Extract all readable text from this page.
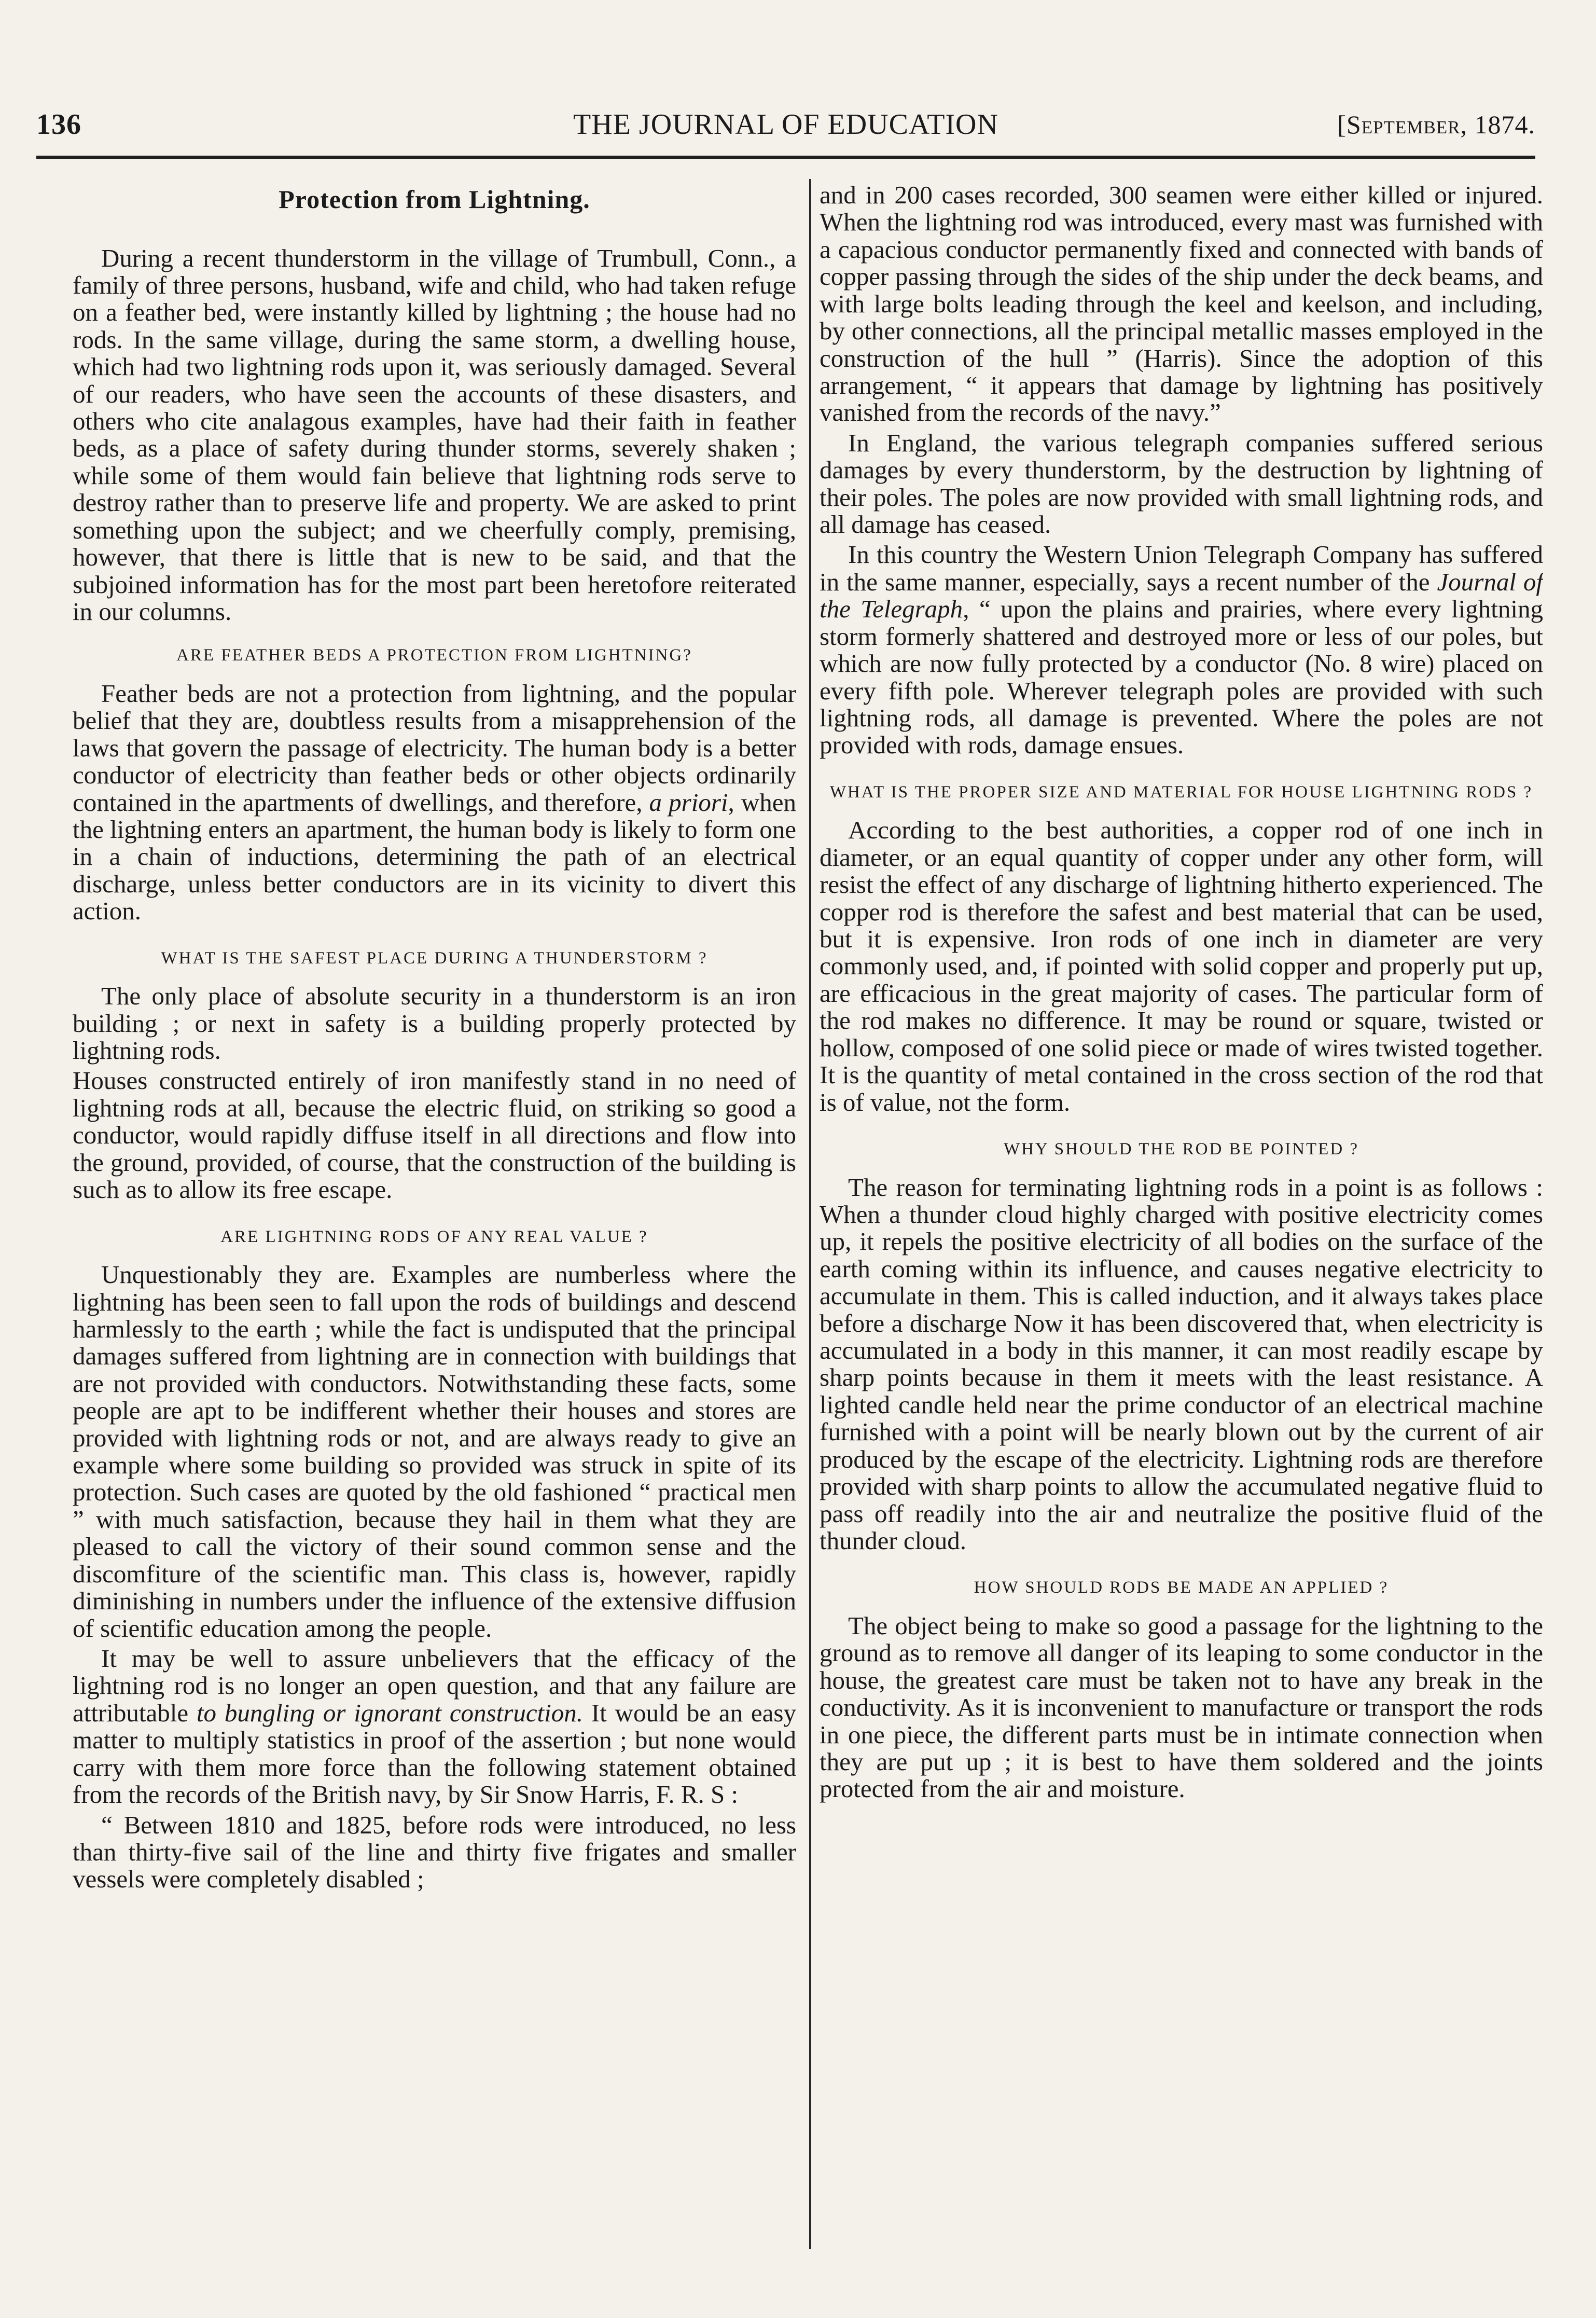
136	THE JOURNAL OF EDUCATION	[September, 1874.
Protection from Lightning.

During a recent thunderstorm in the village of Trumbull, Conn., a family of three persons, husband, wife and child, who had taken refuge on a feather bed, were instantly killed by lightning ; the house had no rods. In the same village, during the same storm, a dwelling house, which had two lightning rods upon it, was seriously damaged. Several of our readers, who have seen the accounts of these disasters, and others who cite analagous examples, have had their faith in feather beds, as a place of safety during thunder storms, severely shaken ; while some of them would fain believe that lightning rods serve to destroy rather than to preserve life and property. We are asked to print something upon the subject; and we cheerfully comply, premising, however, that there is little that is new to be said, and that the subjoined information has for the most part been heretofore reiterated in our columns.

ARE FEATHER BEDS A PROTECTION FROM LIGHTNING?

Feather beds are not a protection from lightning, and the popular belief that they are, doubtless results from a misapprehension of the laws that govern the passage of electricity. The human body is a better conductor of electricity than feather beds or other objects ordinarily contained in the apartments of dwellings, and therefore, a priori, when the lightning enters an apartment, the human body is likely to form one in a chain of inductions, determining the path of an electrical discharge, unless better conductors are in its vicinity to divert this action.

WHAT IS THE SAFEST PLACE DURING A THUNDERSTORM ?

The only place of absolute security in a thunderstorm is an iron building ; or next in safety is a building properly protected by lightning rods.

Houses constructed entirely of iron manifestly stand in no need of lightning rods at all, because the electric fluid, on striking so good a conductor, would rapidly diffuse itself in all directions and flow into the ground, provided, of course, that the construction of the building is such as to allow its free escape.

ARE LIGHTNING RODS OF ANY REAL VALUE ?

Unquestionably they are. Examples are numberless where the lightning has been seen to fall upon the rods of buildings and descend harmlessly to the earth ; while the fact is undisputed that the principal damages suffered from lightning are in connection with buildings that are not provided with conductors. Notwithstanding these facts, some people are apt to be indifferent whether their houses and stores are provided with lightning rods or not, and are always ready to give an example where some building so provided was struck in spite of its protection. Such cases are quoted by the old fashioned “ practical men ” with much satisfaction, because they hail in them what they are pleased to call the victory of their sound common sense and the discomfiture of the scientific man. This class is, however, rapidly diminishing in numbers under the influence of the extensive diffusion of scientific education among the people.

It may be well to assure unbelievers that the efficacy of the lightning rod is no longer an open question, and that any failure are attributable to bungling or ignorant construction. It would be an easy matter to multiply statistics in proof of the assertion ; but none would carry with them more force than the following statement obtained from the records of the British navy, by Sir Snow Harris, F. R. S :

“ Between 1810 and 1825, before rods were introduced, no less than thirty-five sail of the line and thirty five frigates and smaller vessels were completely disabled ;

and in 200 cases recorded, 300 seamen were either killed or injured. When the lightning rod was introduced, every mast was furnished with a capacious conductor permanently fixed and connected with bands of copper passing through the sides of the ship under the deck beams, and with large bolts leading through the keel and keelson, and including, by other connections, all the principal metallic masses employed in the construction of the hull ” (Harris). Since the adoption of this arrangement, “ it appears that damage by lightning has positively vanished from the records of the navy.”

In England, the various telegraph companies suffered serious damages by every thunderstorm, by the destruction by lightning of their poles. The poles are now provided with small lightning rods, and all damage has ceased.

In this country the Western Union Telegraph Company has suffered in the same manner, especially, says a recent number of the Journal of the Telegraph, “ upon the plains and prairies, where every lightning storm formerly shattered and destroyed more or less of our poles, but which are now fully protected by a conductor (No. 8 wire) placed on every fifth pole. Wherever telegraph poles are provided with such lightning rods, all damage is prevented. Where the poles are not provided with rods, damage ensues.

WHAT IS THE PROPER SIZE AND MATERIAL FOR HOUSE LIGHTNING RODS ?

According to the best authorities, a copper rod of one inch in diameter, or an equal quantity of copper under any other form, will resist the effect of any discharge of lightning hitherto experienced. The copper rod is therefore the safest and best material that can be used, but it is expensive. Iron rods of one inch in diameter are very commonly used, and, if pointed with solid copper and properly put up, are efficacious in the great majority of cases. The particular form of the rod makes no difference. It may be round or square, twisted or hollow, composed of one solid piece or made of wires twisted together. It is the quantity of metal contained in the cross section of the rod that is of value, not the form.

WHY SHOULD THE ROD BE POINTED ?

The reason for terminating lightning rods in a point is as follows : When a thunder cloud highly charged with positive electricity comes up, it repels the positive electricity of all bodies on the surface of the earth coming within its influence, and causes negative electricity to accumulate in them. This is called induction, and it always takes place before a discharge Now it has been discovered that, when electricity is accumulated in a body in this manner, it can most readily escape by sharp points because in them it meets with the least resistance. A lighted candle held near the prime conductor of an electrical machine furnished with a point will be nearly blown out by the current of air produced by the escape of the electricity. Lightning rods are therefore provided with sharp points to allow the accumulated negative fluid to pass off readily into the air and neutralize the positive fluid of the thunder cloud.

HOW SHOULD RODS BE MADE AN APPLIED ?

The object being to make so good a passage for the lightning to the ground as to remove all danger of its leaping to some conductor in the house, the greatest care must be taken not to have any break in the conductivity. As it is inconvenient to manufacture or transport the rods in one piece, the different parts must be in intimate connection when they are put up ; it is best to have them soldered and the joints protected from the air and moisture.
